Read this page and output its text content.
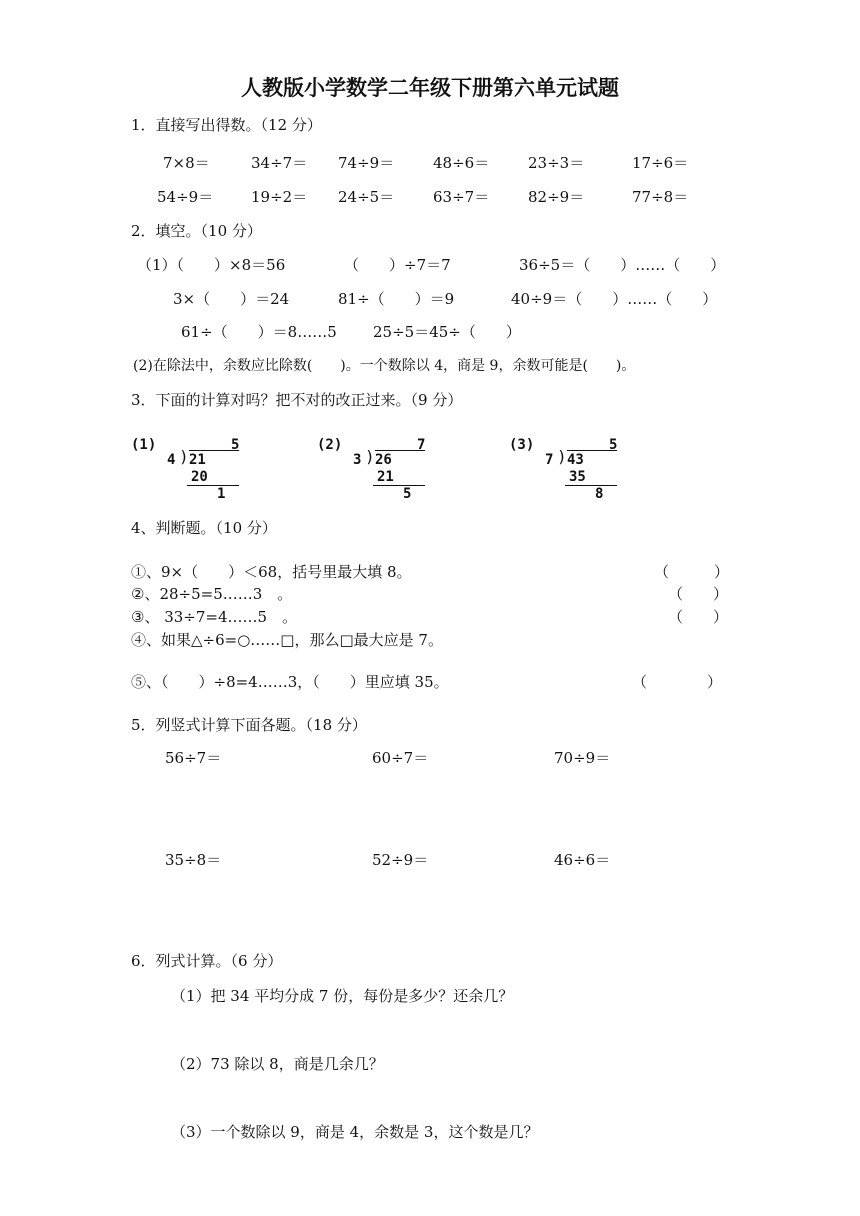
人教版小学数学二年级下册第六单元试题
1．直接写出得数。（12 分）
7×8＝	34÷7＝ 74÷9＝	48÷6＝	23÷3＝	17÷6＝
54÷9＝	19÷2＝ 24÷5＝	63÷7＝	82÷9＝	77÷8＝
2．填空。（10 分）
（1）（　　）×8＝56	（　　）÷7＝7	36÷5＝（　　）……（　　）
3×（　　）＝24	81÷（　　）＝9	40÷9＝（　　）……（　　）
61÷（　　）＝8……5 25÷5＝45÷（　　）
(2)在除法中，余数应比除数(　　)。一个数除以 4，商是 9，余数可能是(　　)。
3．下面的计算对吗？把不对的改正过来。（9 分）
(1)	5
4 ) 21
20
1
(2)	7
3 ) 26
21
5
(3)	5
7 ) 43
35
8
4、判断题。（10 分）
①、9×（　　）＜68，括号里最大填 8。	（　　　）
②、28÷5=5……3　。	（　　）
③、 33÷7=4……5　。	（　　）
④、如果△÷6=○……□，那么□最大应是 7。
⑤、（　　）÷8=4……3，（　　）里应填 35。	（　　　　）
5．列竖式计算下面各题。（18 分）
56÷7＝	60÷7＝	70÷9＝
35÷8＝	52÷9＝	46÷6＝
6．列式计算。（6 分）
（1）把 34 平均分成 7 份，每份是多少？还余几？
（2）73 除以 8，商是几余几？
（3）一个数除以 9，商是 4，余数是 3，这个数是几？
